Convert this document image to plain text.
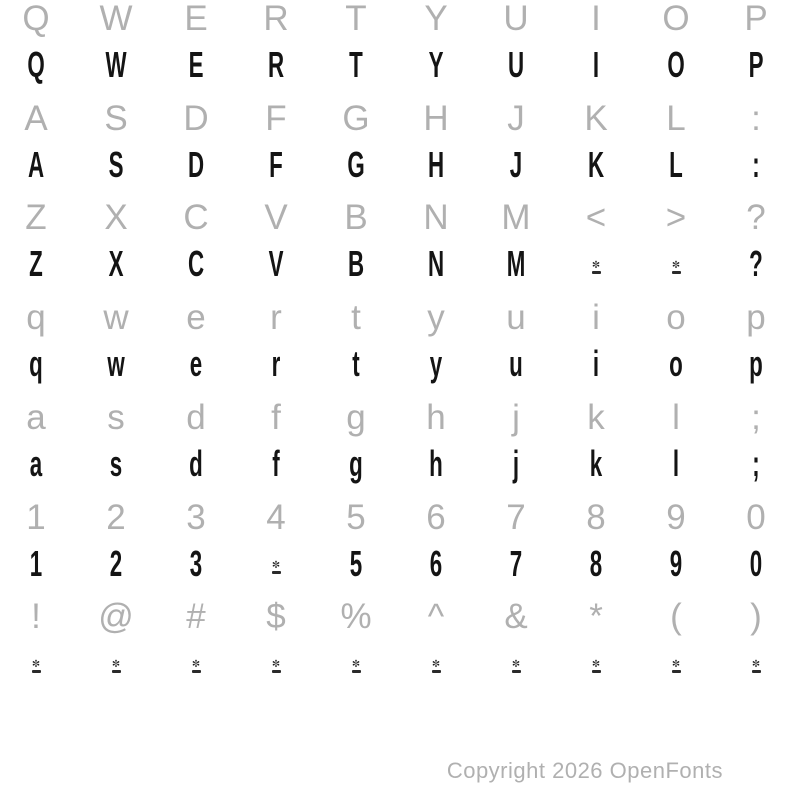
Q W E R T Y U I O P
Q W E R T Y U I O P
A S D F G H J K L :
A S D F G H J K L :
Z X C V B N M < > ?
Z X C V B N M	✼	✼ ?
q w e r t y u i o p
q w e r t y u i o p
a s d f g h j k l ;
a s d f g h j k l ;
1 2 3 4 5 6 7 8 9 0
1 2 3	✼ 5 6 7 8 9 0
! @ # $ % ^ & * ( )
✼	✼	✼	✼	✼	✼	✼	✼	✼	✼
Copyright 2026 OpenFonts
